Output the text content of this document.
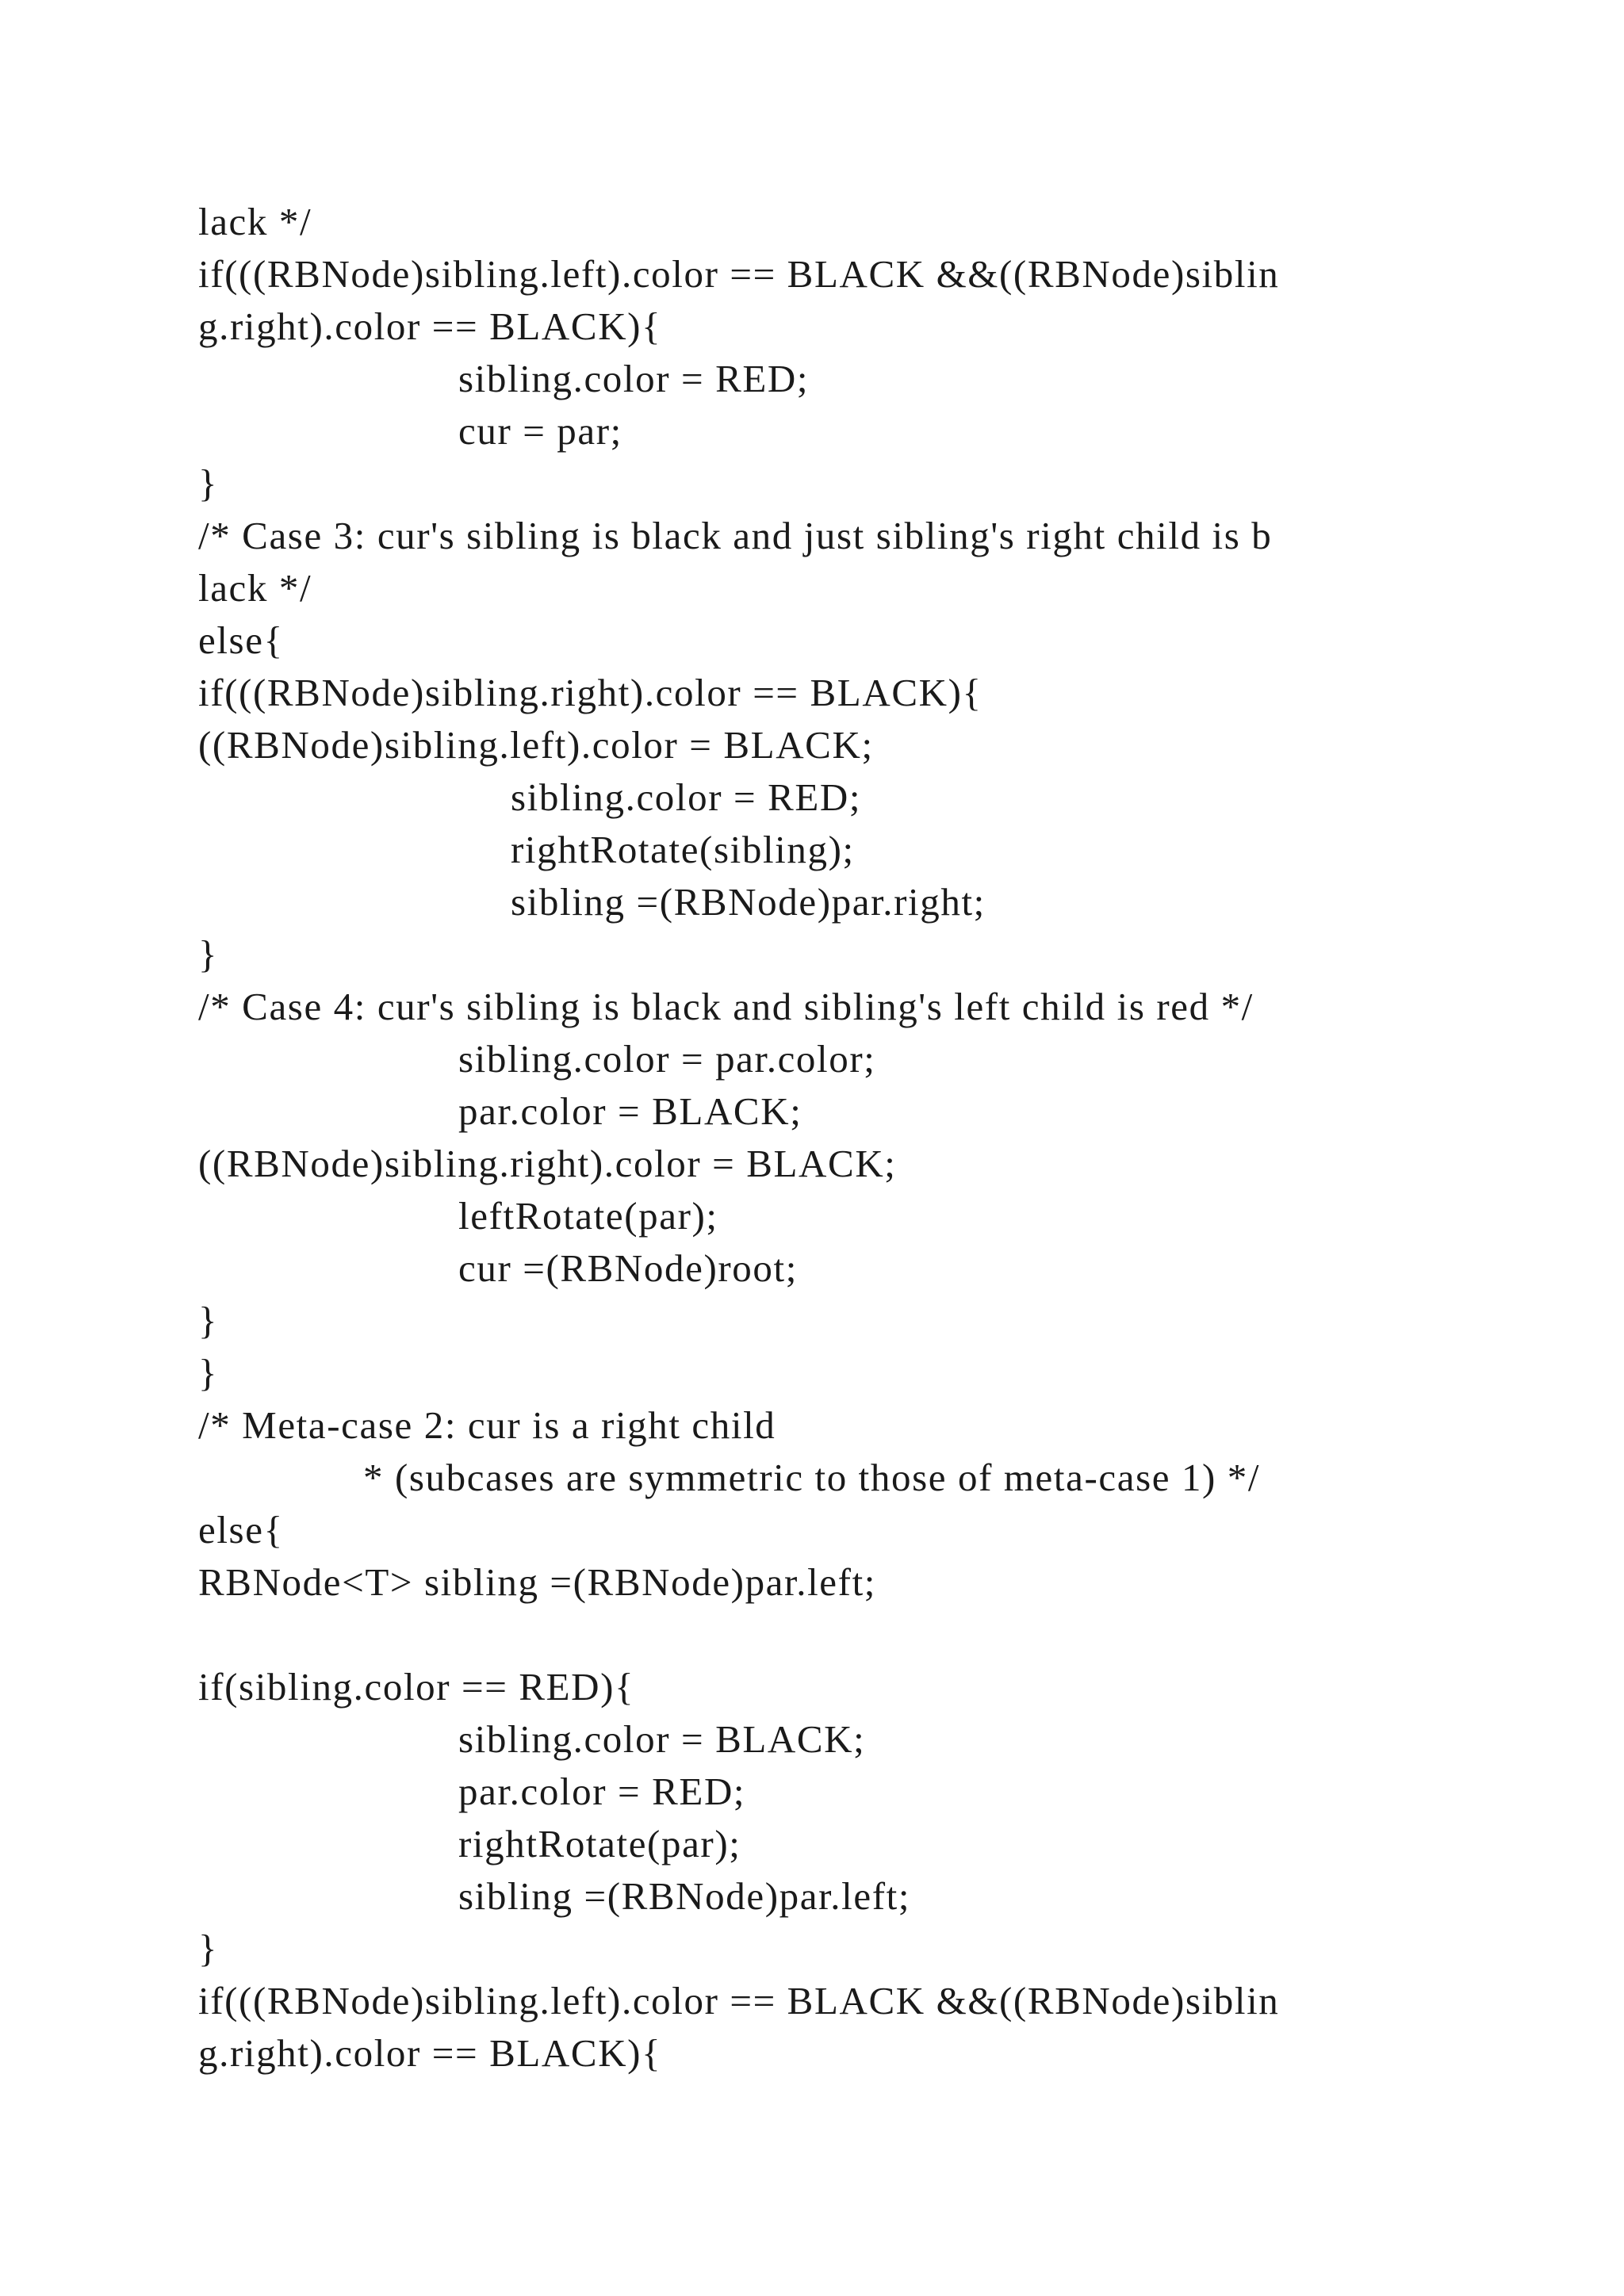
lack */
if(((RBNode)sibling.left).color == BLACK &&((RBNode)siblin
g.right).color == BLACK){
sibling.color = RED;
cur = par;
}
/* Case 3: cur's sibling is black and just sibling's right child is b
lack */
else{
if(((RBNode)sibling.right).color == BLACK){
((RBNode)sibling.left).color = BLACK;
sibling.color = RED;
rightRotate(sibling);
sibling =(RBNode)par.right;
}
/* Case 4: cur's sibling is black and sibling's left child is red */
sibling.color = par.color;
par.color = BLACK;
((RBNode)sibling.right).color = BLACK;
leftRotate(par);
cur =(RBNode)root;
}
}
/* Meta-case 2: cur is a right child
* (subcases are symmetric to those of meta-case 1) */
else{
RBNode<T> sibling =(RBNode)par.left;
if(sibling.color == RED){
sibling.color = BLACK;
par.color = RED;
rightRotate(par);
sibling =(RBNode)par.left;
}
if(((RBNode)sibling.left).color == BLACK &&((RBNode)siblin
g.right).color == BLACK){
